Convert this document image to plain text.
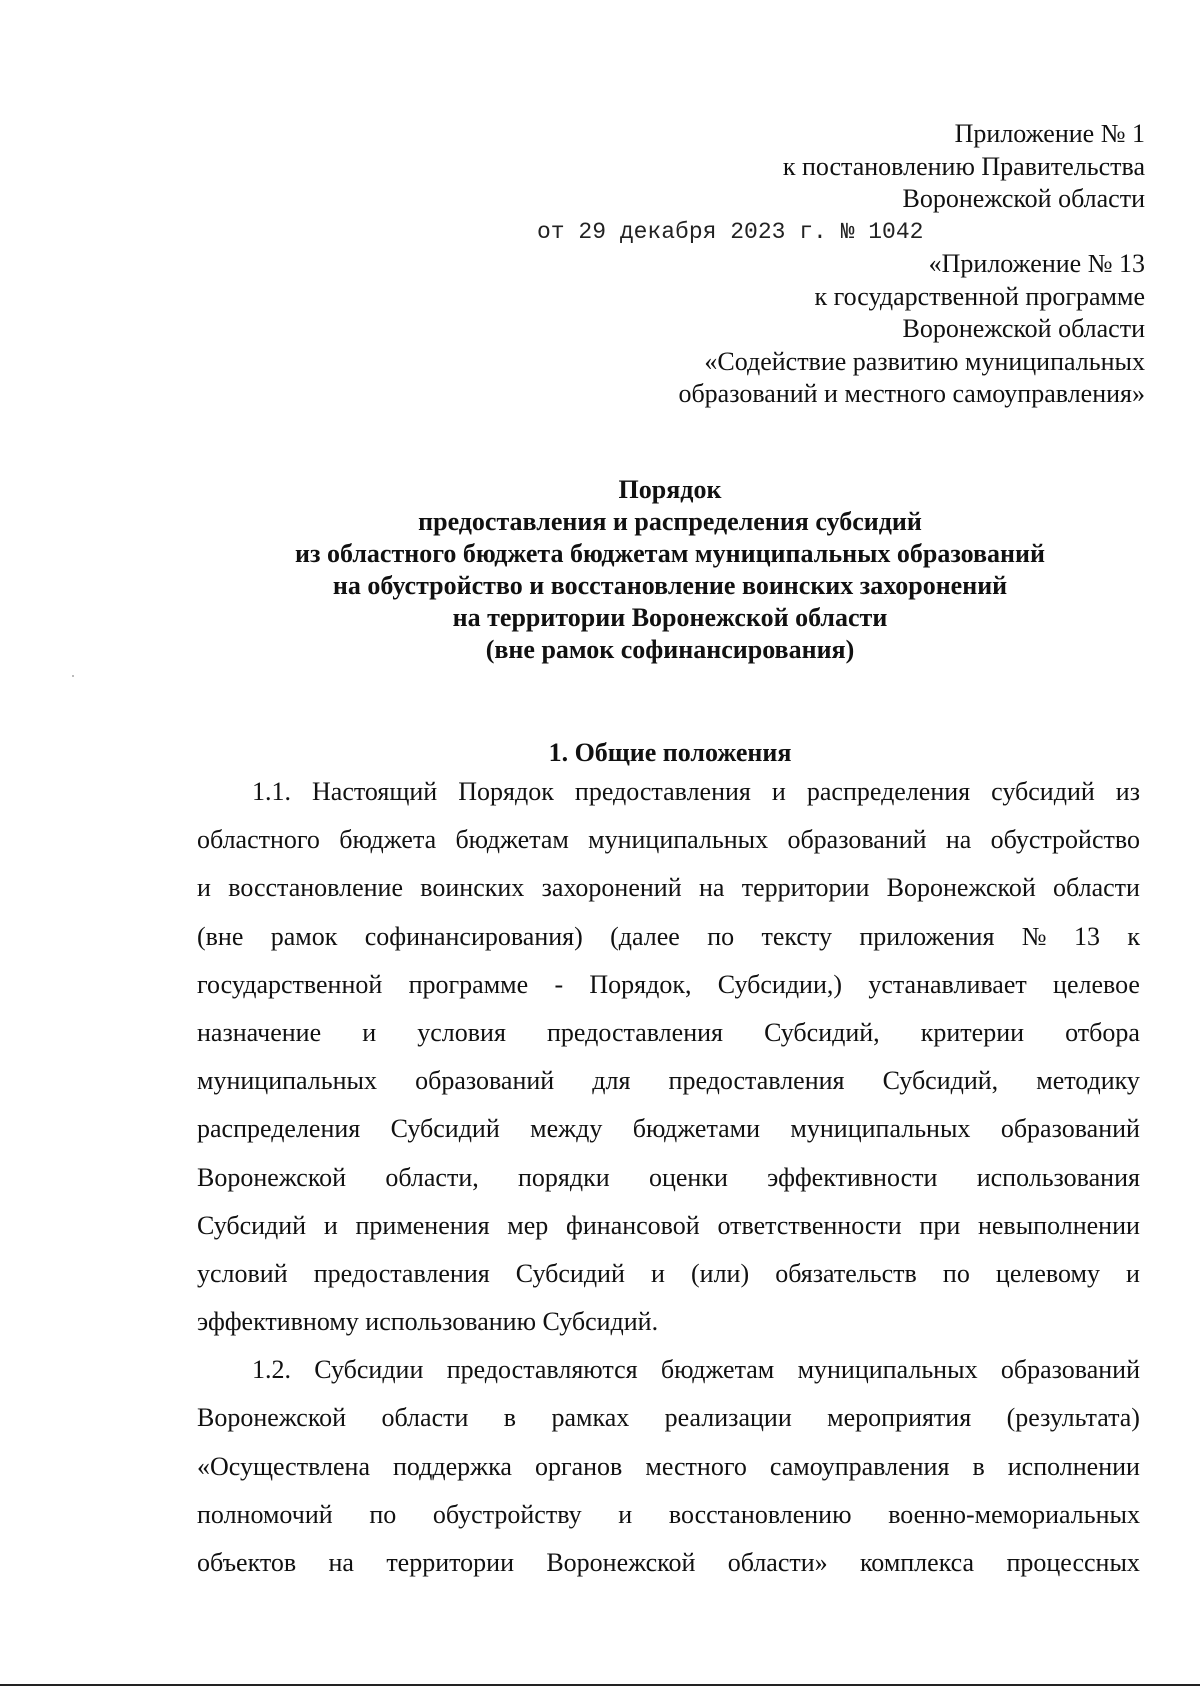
Приложение № 1
к постановлению Правительства
Воронежской области
от 29 декабря 2023 г. № 1042
«Приложение № 13
к государственной программе
Воронежской области
«Содействие развитию муниципальных
образований и местного самоуправления»
Порядок
предоставления и распределения субсидий
из областного бюджета бюджетам муниципальных образований
на обустройство и восстановление воинских захоронений
на территории Воронежской области
(вне рамок софинансирования)
1. Общие положения
1.1. Настоящий Порядок предоставления и распределения субсидий из
областного бюджета бюджетам муниципальных образований на обустройство
и восстановление воинских захоронений на территории Воронежской области
(вне рамок софинансирования) (далее по тексту приложения № 13 к
государственной программе - Порядок, Субсидии,) устанавливает целевое
назначение и условия предоставления Субсидий, критерии отбора
муниципальных образований для предоставления Субсидий, методику
распределения Субсидий между бюджетами муниципальных образований
Воронежской области, порядки оценки эффективности использования
Субсидий и применения мер финансовой ответственности при невыполнении
условий предоставления Субсидий и (или) обязательств по целевому и
эффективному использованию Субсидий.
1.2. Субсидии предоставляются бюджетам муниципальных образований
Воронежской области в рамках реализации мероприятия (результата)
«Осуществлена поддержка органов местного самоуправления в исполнении
полномочий по обустройству и восстановлению военно-мемориальных
объектов на территории Воронежской области» комплекса процессных
